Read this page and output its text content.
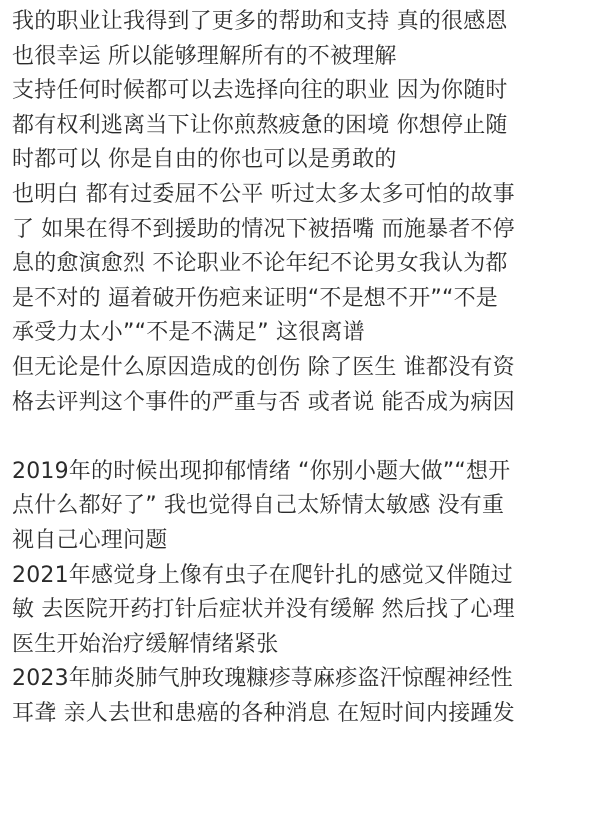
我的职业让我得到了更多的帮助和支持 真的很感恩
也很幸运 所以能够理解所有的不被理解
支持任何时候都可以去选择向往的职业 因为你随时
都有权利逃离当下让你煎熬疲惫的困境 你想停止随
时都可以 你是自由的你也可以是勇敢的
也明白 都有过委屈不公平 听过太多太多可怕的故事
了 如果在得不到援助的情况下被捂嘴 而施暴者不停
息的愈演愈烈 不论职业不论年纪不论男女我认为都
是不对的 逼着破开伤疤来证明“不是想不开”“不是
承受力太小”“不是不满足” 这很离谱
但无论是什么原因造成的创伤 除了医生 谁都没有资
格去评判这个事件的严重与否 或者说 能否成为病因
2019年的时候出现抑郁情绪 “你别小题大做”“想开
点什么都好了” 我也觉得自己太矫情太敏感 没有重
视自己心理问题
2021年感觉身上像有虫子在爬针扎的感觉又伴随过
敏 去医院开药打针后症状并没有缓解 然后找了心理
医生开始治疗缓解情绪紧张
2023年肺炎肺气肿玫瑰糠疹荨麻疹盗汗惊醒神经性
耳聋 亲人去世和患癌的各种消息 在短时间内接踵发
